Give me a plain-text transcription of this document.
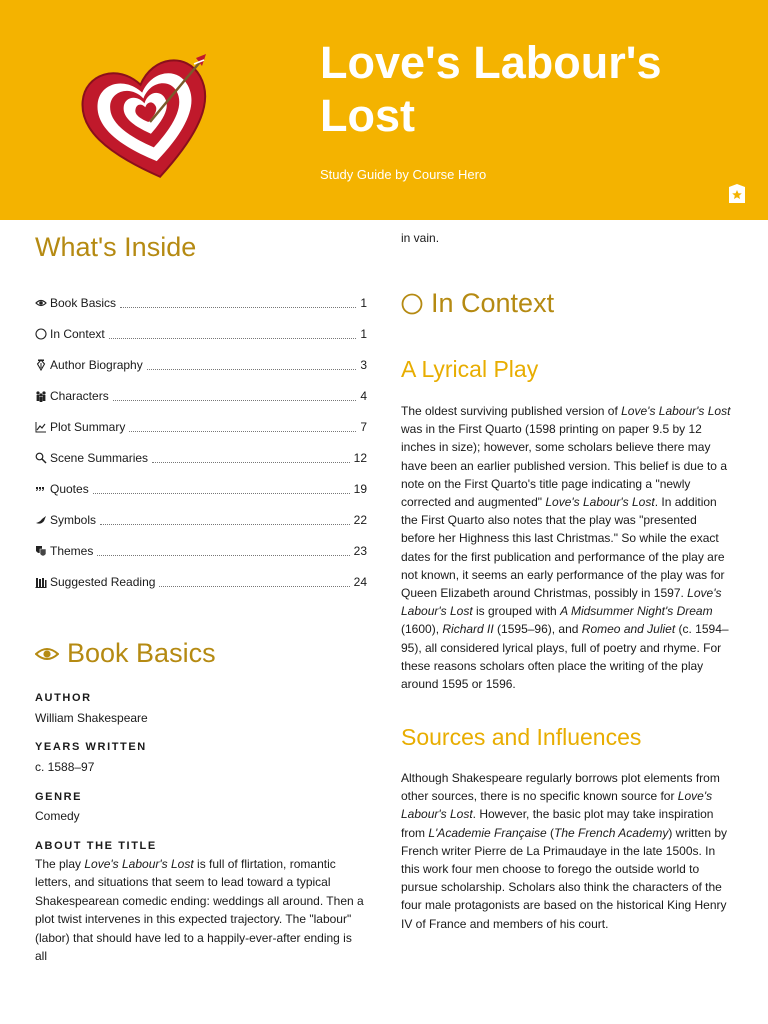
Love's Labour's Lost
Study Guide by Course Hero
What's Inside
Book Basics	1
In Context	1
Author Biography	3
Characters	4
Plot Summary	7
Scene Summaries	12
Quotes	19
Symbols	22
Themes	23
Suggested Reading	24
Book Basics
AUTHOR
William Shakespeare
YEARS WRITTEN
c. 1588–97
GENRE
Comedy
ABOUT THE TITLE
The play Love's Labour's Lost is full of flirtation, romantic letters, and situations that seem to lead toward a typical Shakespearean comedic ending: weddings all around. Then a plot twist intervenes in this expected trajectory. The "labour" (labor) that should have led to a happily-ever-after ending is all
in vain.
In Context
A Lyrical Play
The oldest surviving published version of Love's Labour's Lost was in the First Quarto (1598 printing on paper 9.5 by 12 inches in size); however, some scholars believe there may have been an earlier published version. This belief is due to a note on the First Quarto's title page indicating a "newly corrected and augmented" Love's Labour's Lost. In addition the First Quarto also notes that the play was "presented before her Highness this last Christmas." So while the exact dates for the first publication and performance of the play are not known, it seems an early performance of the play was for Queen Elizabeth around Christmas, possibly in 1597. Love's Labour's Lost is grouped with A Midsummer Night's Dream (1600), Richard II (1595–96), and Romeo and Juliet (c. 1594–95), all considered lyrical plays, full of poetry and rhyme. For these reasons scholars often place the writing of the play around 1595 or 1596.
Sources and Influences
Although Shakespeare regularly borrows plot elements from other sources, there is no specific known source for Love's Labour's Lost. However, the basic plot may take inspiration from L'Academie Française (The French Academy) written by French writer Pierre de La Primaudaye in the late 1500s. In this work four men choose to forego the outside world to pursue scholarship. Scholars also think the characters of the four male protagonists are based on the historical King Henry IV of France and members of his court.
